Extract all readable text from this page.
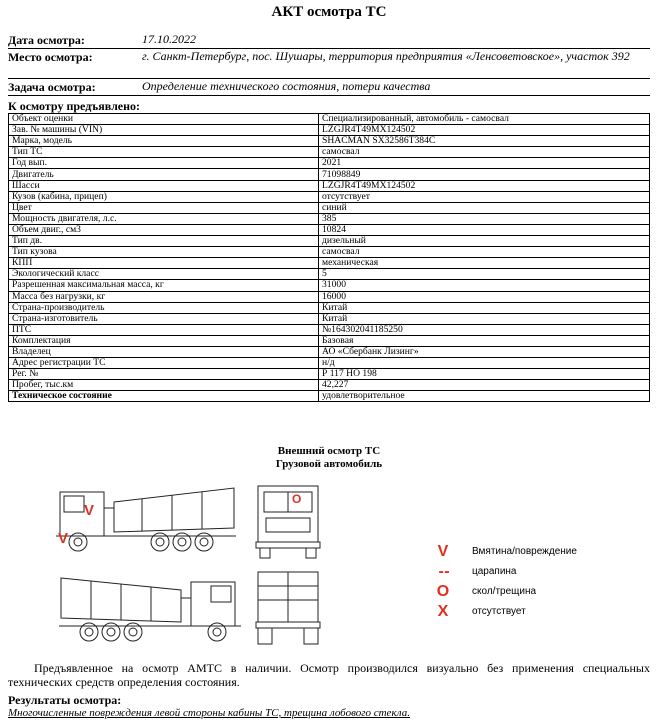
АКТ осмотра ТС
Дата осмотра:	17.10.2022
Место осмотра:	г. Санкт-Петербург, пос. Шушары, территория предприятия «Ленсоветовское», участок 392
Задача осмотра:	Определение технического состояния, потери качества
К осмотру предъявлено:
Объект оценки	Специализированный, автомобиль - самосвал
Зав. № машины (VIN)	LZGJR4T49MX124502
Марка, модель	SHACMAN SX32586T384C
Тип ТС	самосвал
Год вып.	2021
Двигатель	71098849
Шасси	LZGJR4T49MX124502
Кузов (кабина, прицеп)	отсутствует
Цвет	синий
Мощность двигателя, л.с.	385
Объем двиг., см3	10824
Тип дв.	дизельный
Тип кузова	самосвал
КПП	механическая
Экологический класс	5
Разрешенная максимальная масса, кг	31000
Масса без нагрузки, кг	16000
Страна-производитель	Китай
Страна-изготовитель	Китай
ПТС	№164302041185250
Комплектация	Базовая
Владелец	АО «Сбербанк Лизинг»
Адрес регистрации ТС	н/д
Рег. №	Р 117 НО 198
Пробег, тыс.км	42,227
Техническое состояние	удовлетворительное
Внешний осмотр ТС
Грузовой автомобиль
V
V
O
V	Вмятина/повреждение
- -	царапина
O	скол/трещина
X	отсутствует
Предъявленное на осмотр АМТС в наличии. Осмотр производился визуально без применения специальных технических средств определения состояния.
Результаты осмотра:
Многочисленные повреждения левой стороны кабины ТС, трещина лобового стекла.
